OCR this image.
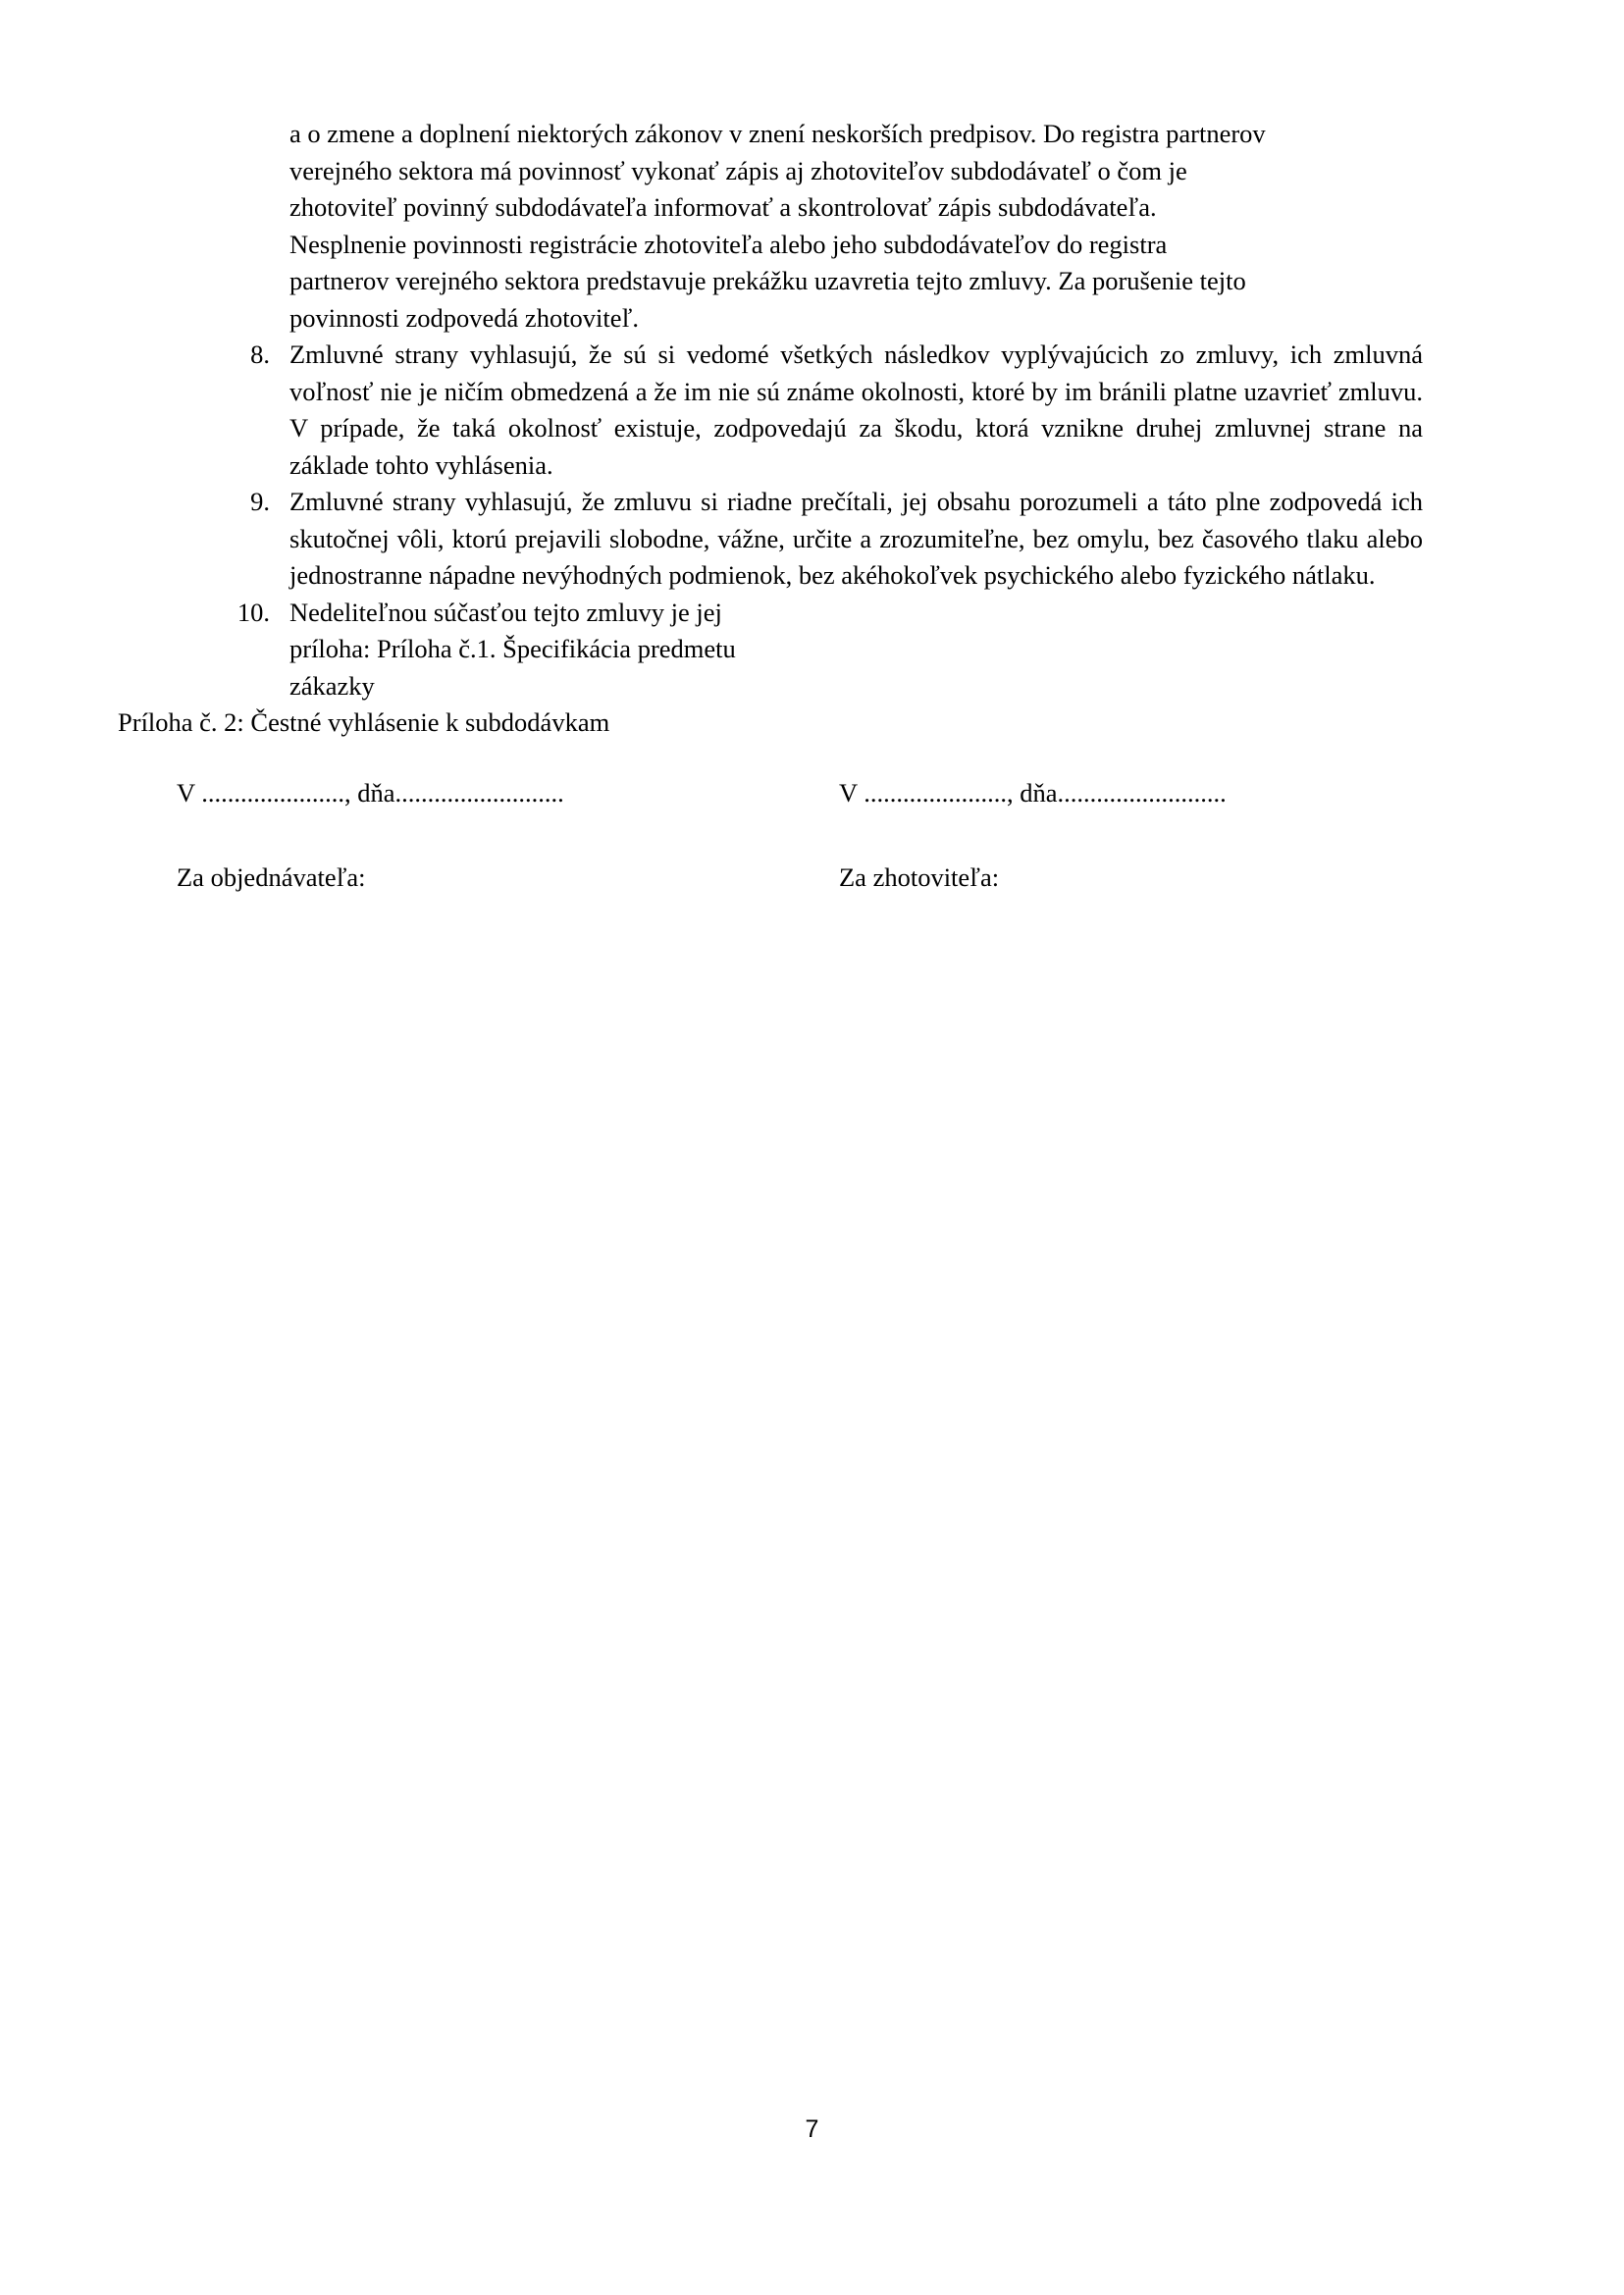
a o zmene a doplnení niektorých zákonov v znení neskorších predpisov. Do registra partnerov
verejného sektora má povinnosť vykonať zápis aj zhotoviteľov subdodávateľ o čom je
zhotoviteľ povinný subdodávateľa informovať a skontrolovať zápis subdodávateľa.
Nesplnenie povinnosti registrácie zhotoviteľa alebo jeho subdodávateľov do registra
partnerov verejného sektora predstavuje prekážku uzavretia tejto zmluvy. Za porušenie tejto
povinnosti zodpovedá zhotoviteľ.

8. Zmluvné strany vyhlasujú, že sú si vedomé všetkých následkov vyplývajúcich zo zmluvy, ich zmluvná voľnosť nie je ničím obmedzená a že im nie sú známe okolnosti, ktoré by im bránili platne uzavrieť zmluvu. V prípade, že taká okolnosť existuje, zodpovedajú za škodu, ktorá vznikne druhej zmluvnej strane na základe tohto vyhlásenia.
9. Zmluvné strany vyhlasujú, že zmluvu si riadne prečítali, jej obsahu porozumeli a táto plne zodpovedá ich skutočnej vôli, ktorú prejavili slobodne, vážne, určite a zrozumiteľne, bez omylu, bez časového tlaku alebo jednostranne nápadne nevýhodných podmienok, bez akéhokoľvek psychického alebo fyzického nátlaku.
10. Nedeliteľnou súčasťou tejto zmluvy je jej
príloha: Príloha č.1. Špecifikácia predmetu
zákazky

Príloha č. 2: Čestné vyhlásenie k subdodávkam

V ......................, dňa..........................	V ......................, dňa..........................
Za objednávateľa:	Za zhotoviteľa:
7
